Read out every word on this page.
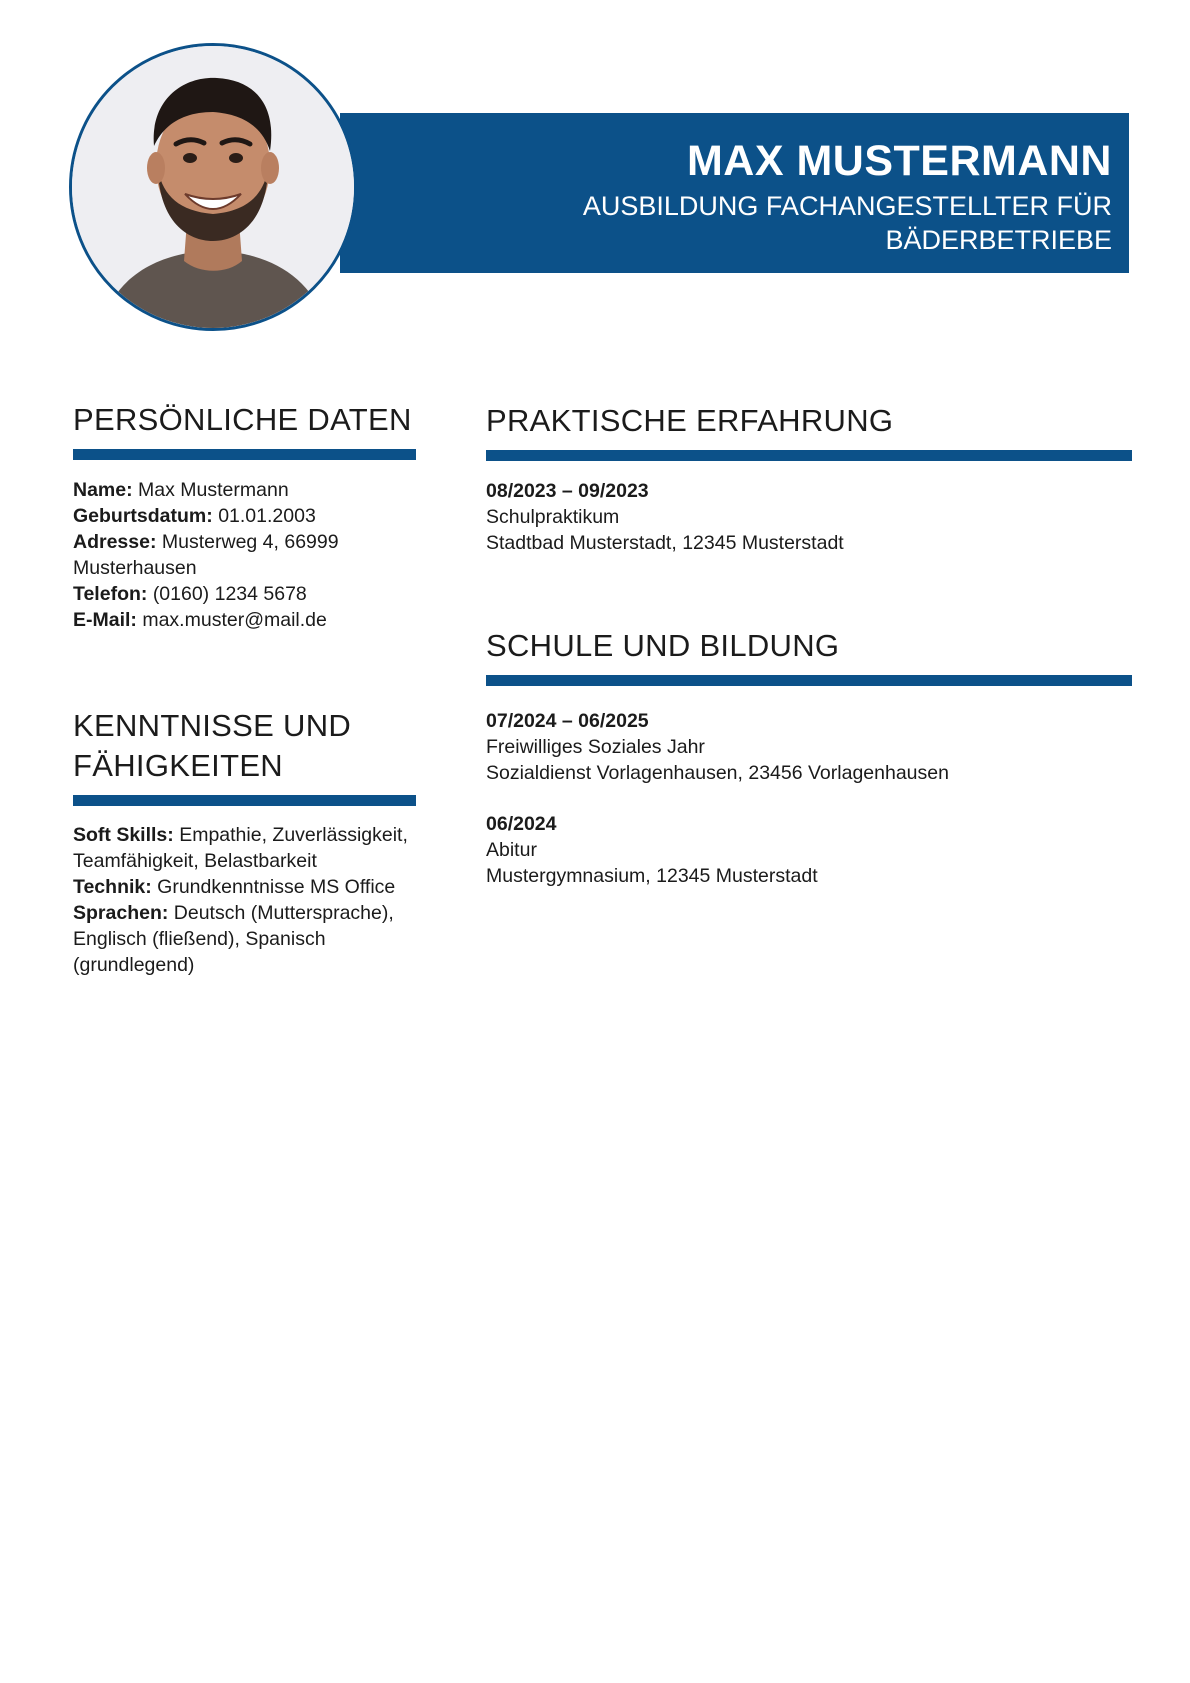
MAX MUSTERMANN
AUSBILDUNG FACHANGESTELLTER FÜR BÄDERBETRIEBE
PERSÖNLICHE DATEN
Name: Max Mustermann
Geburtsdatum: 01.01.2003
Adresse: Musterweg 4, 66999 Musterhausen
Telefon: (0160) 1234 5678
E-Mail: max.muster@mail.de
KENNTNISSE UND
FÄHIGKEITEN
Soft Skills: Empathie, Zuverlässigkeit, Teamfähigkeit, Belastbarkeit
Technik: Grundkenntnisse MS Office
Sprachen: Deutsch (Muttersprache), Englisch (fließend), Spanisch (grundlegend)
PRAKTISCHE ERFAHRUNG
08/2023 – 09/2023
Schulpraktikum
Stadtbad Musterstadt, 12345 Musterstadt
SCHULE UND BILDUNG
07/2024 – 06/2025
Freiwilliges Soziales Jahr
Sozialdienst Vorlagenhausen, 23456 Vorlagenhausen
06/2024
Abitur
Mustergymnasium, 12345 Musterstadt
